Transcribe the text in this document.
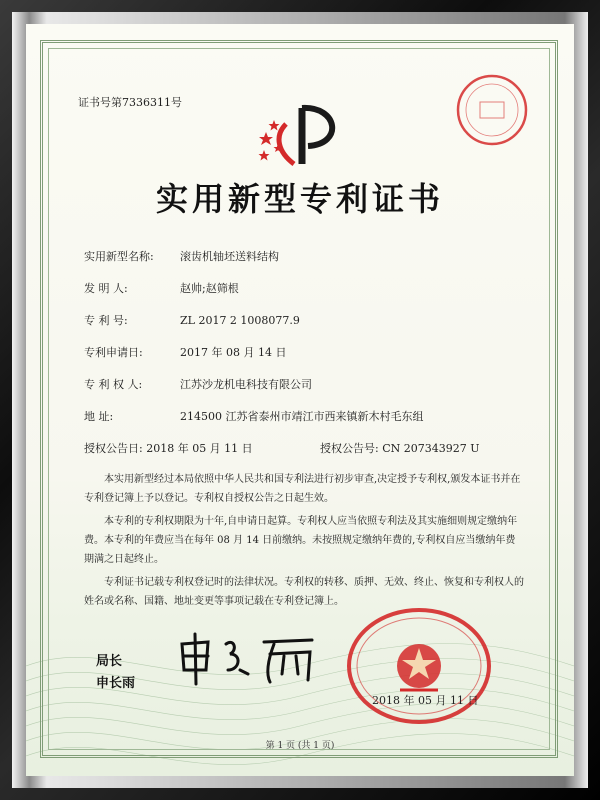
证书号第7336311号
实用新型专利证书
实用新型名称: 滚齿机轴坯送料结构
发 明 人:	赵帅;赵筛根
专 利 号:	ZL 2017 2 1008077.9
专利申请日:	2017 年 08 月 14 日
专 利 权 人:	江苏沙龙机电科技有限公司
地 址:	214500 江苏省泰州市靖江市西来镇新木村毛东组
授权公告日: 2018 年 05 月 11 日	授权公告号: CN 207343927 U
本实用新型经过本局依照中华人民共和国专利法进行初步审查,决定授予专利权,颁发本证书并在专利登记簿上予以登记。专利权自授权公告之日起生效。
本专利的专利权期限为十年,自申请日起算。专利权人应当依照专利法及其实施细则规定缴纳年费。本专利的年费应当在每年 08 月 14 日前缴纳。未按照规定缴纳年费的,专利权自应当缴纳年费期满之日起终止。
专利证书记载专利权登记时的法律状况。专利权的转移、质押、无效、终止、恢复和专利权人的姓名或名称、国籍、地址变更等事项记载在专利登记簿上。
局长
申长雨
2018 年 05 月 11 日
第 1 页 (共 1 页)
